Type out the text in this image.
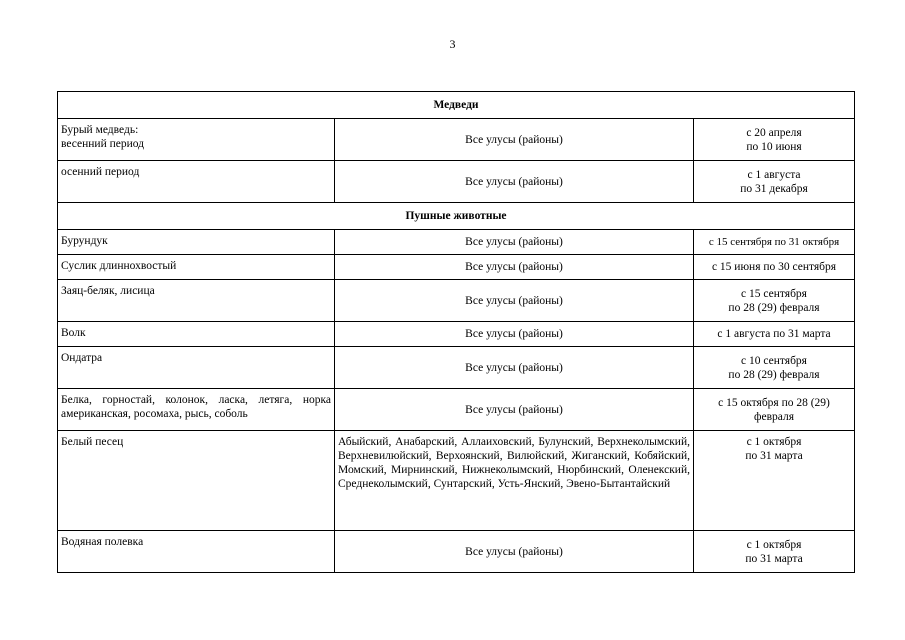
3
Медведи		
Бурый медведь:
весенний период	Все улусы (районы)	с 20 апреля
по 10 июня
осенний период	Все улусы (районы)	с 1 августа
по 31 декабря
Пушные животные		
Бурундук	Все улусы (районы)	с 15 сентября по 31 октября
Суслик длиннохвостый	Все улусы (районы)	с 15 июня по 30 сентября
Заяц-беляк, лисица	Все улусы (районы)	с 15 сентября
по 28 (29) февраля
Волк	Все улусы (районы)	с 1 августа по 31 марта
Ондатра	Все улусы (районы)	с 10 сентября
по 28 (29) февраля
Белка, горностай, колонок, ласка, летяга, норка американская, росомаха, рысь, соболь	Все улусы (районы)	с 15 октября по 28 (29)
февраля
Белый песец	Абыйский, Анабарский, Аллаиховский, Булунский, Верхнеколымский, Верхневилюйский, Верхоянский, Вилюйский, Жиганский, Кобяйский, Момский, Мирнинский, Нижнеколымский, Нюрбинский, Оленекский, Среднеколымский, Сунтарский, Усть-Янский, Эвено-Бытантайский	с 1 октября
по 31 марта
Водяная полевка	Все улусы (районы)	с 1 октября
по 31 марта
